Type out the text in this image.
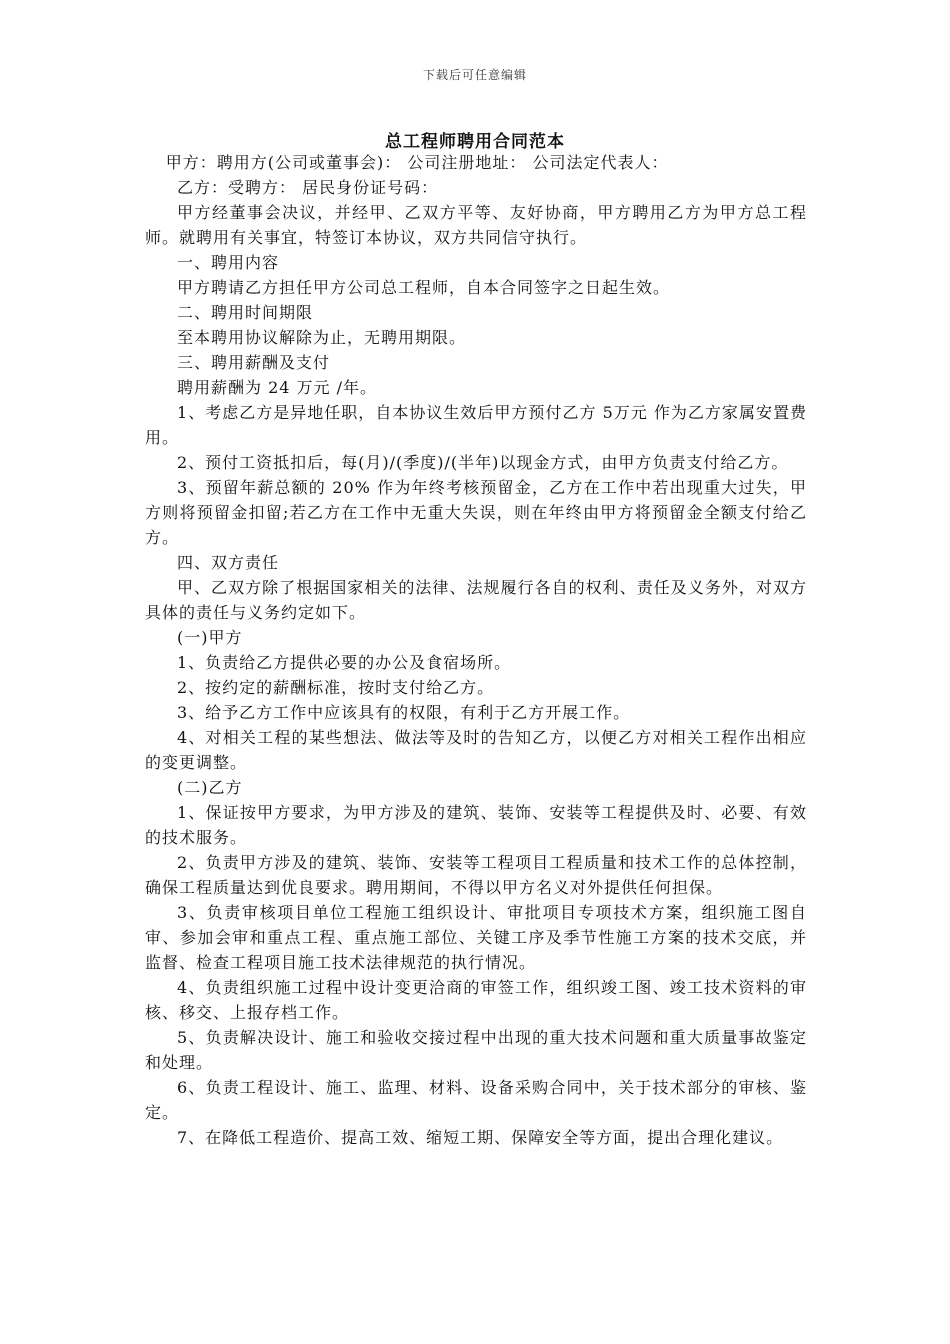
下载后可任意编辑
总工程师聘用合同范本

甲方：聘用方(公司或董事会)： 公司注册地址： 公司法定代表人：

乙方：受聘方： 居民身份证号码：

甲方经董事会决议，并经甲、乙双方平等、友好协商，甲方聘用乙方为甲方总工程师。就聘用有关事宜，特签订本协议，双方共同信守执行。

一、聘用内容

甲方聘请乙方担任甲方公司总工程师，自本合同签字之日起生效。

二、聘用时间期限

至本聘用协议解除为止，无聘用期限。

三、聘用薪酬及支付

聘用薪酬为 24 万元 /年。

1、考虑乙方是异地任职，自本协议生效后甲方预付乙方 5万元 作为乙方家属安置费用。

2、预付工资抵扣后，每(月)/(季度)/(半年)以现金方式，由甲方负责支付给乙方。

3、预留年薪总额的 20% 作为年终考核预留金，乙方在工作中若出现重大过失，甲方则将预留金扣留;若乙方在工作中无重大失误，则在年终由甲方将预留金全额支付给乙方。

四、双方责任

甲、乙双方除了根据国家相关的法律、法规履行各自的权利、责任及义务外，对双方具体的责任与义务约定如下。

(一)甲方

1、负责给乙方提供必要的办公及食宿场所。

2、按约定的薪酬标准，按时支付给乙方。

3、给予乙方工作中应该具有的权限，有利于乙方开展工作。

4、对相关工程的某些想法、做法等及时的告知乙方，以便乙方对相关工程作出相应的变更调整。

(二)乙方

1、保证按甲方要求，为甲方涉及的建筑、装饰、安装等工程提供及时、必要、有效的技术服务。

2、负责甲方涉及的建筑、装饰、安装等工程项目工程质量和技术工作的总体控制，确保工程质量达到优良要求。聘用期间，不得以甲方名义对外提供任何担保。

3、负责审核项目单位工程施工组织设计、审批项目专项技术方案，组织施工图自审、参加会审和重点工程、重点施工部位、关键工序及季节性施工方案的技术交底，并监督、检查工程项目施工技术法律规范的执行情况。

4、负责组织施工过程中设计变更洽商的审签工作，组织竣工图、竣工技术资料的审核、移交、上报存档工作。

5、负责解决设计、施工和验收交接过程中出现的重大技术问题和重大质量事故鉴定和处理。

6、负责工程设计、施工、监理、材料、设备采购合同中，关于技术部分的审核、鉴定。

7、在降低工程造价、提高工效、缩短工期、保障安全等方面，提出合理化建议。
